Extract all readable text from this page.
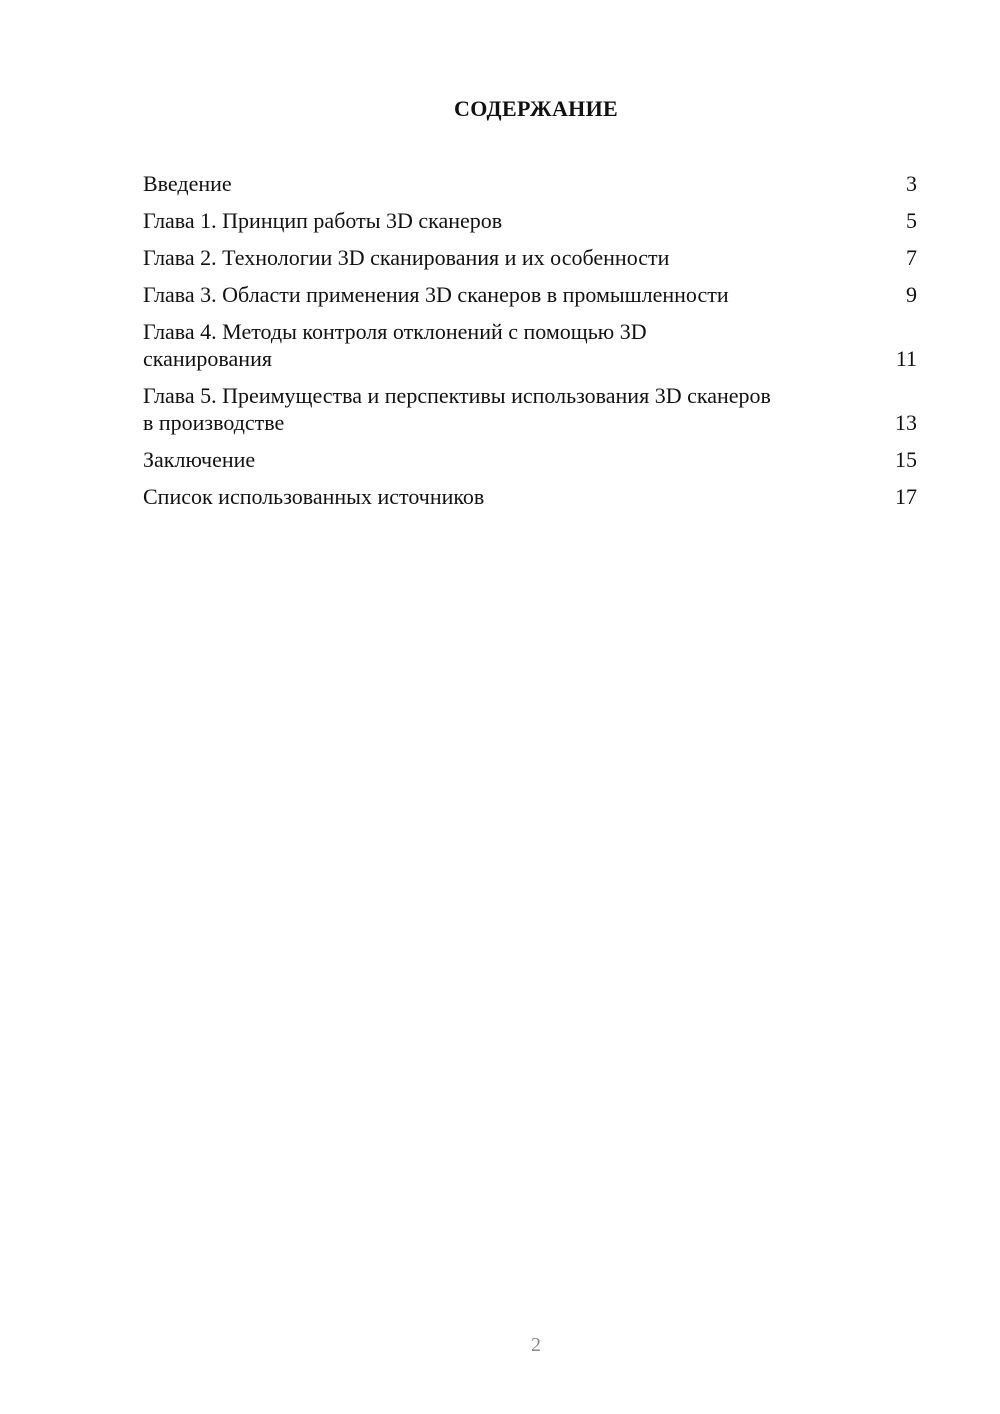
СОДЕРЖАНИЕ
Введение	3
Глава 1. Принцип работы 3D сканеров	5
Глава 2. Технологии 3D сканирования и их особенности	7
Глава 3. Области применения 3D сканеров в промышленности	9
Глава 4. Методы контроля отклонений с помощью 3D сканирования	11
Глава 5. Преимущества и перспективы использования 3D сканеров в производстве	13
Заключение	15
Список использованных источников	17
2
